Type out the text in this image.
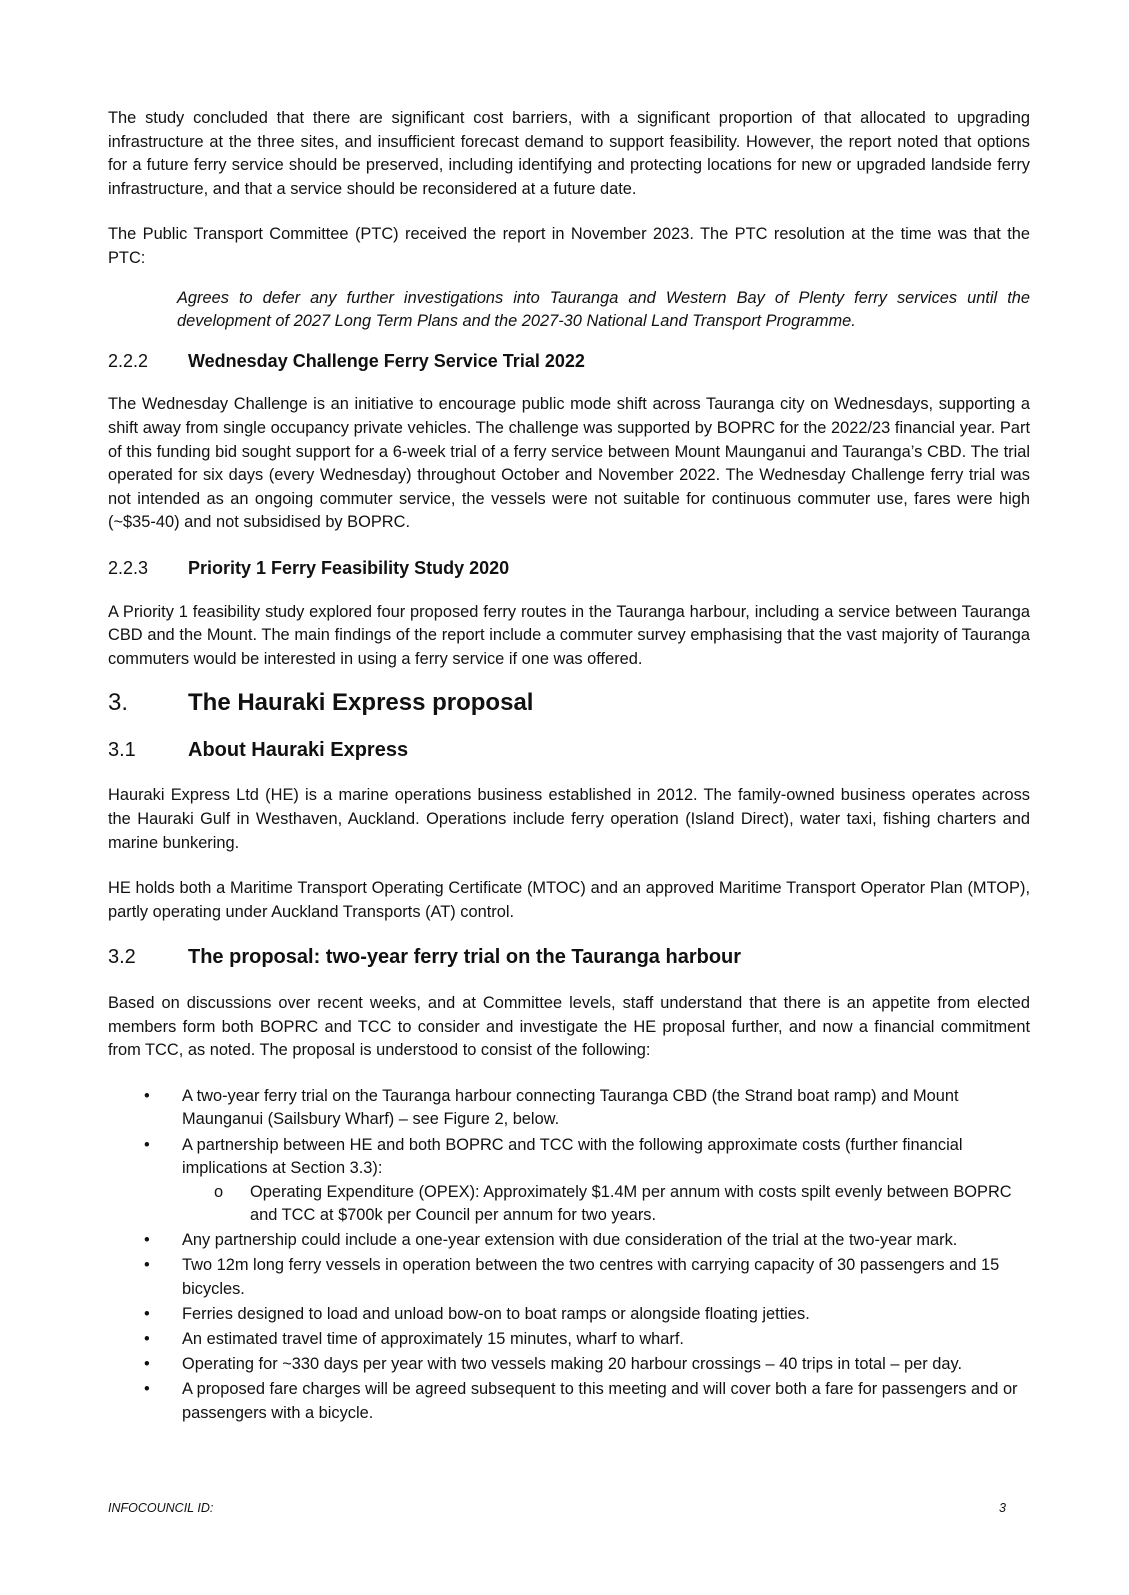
The study concluded that there are significant cost barriers, with a significant proportion of that allocated to upgrading infrastructure at the three sites, and insufficient forecast demand to support feasibility. However, the report noted that options for a future ferry service should be preserved, including identifying and protecting locations for new or upgraded landside ferry infrastructure, and that a service should be reconsidered at a future date.

The Public Transport Committee (PTC) received the report in November 2023. The PTC resolution at the time was that the PTC:

Agrees to defer any further investigations into Tauranga and Western Bay of Plenty ferry services until the development of 2027 Long Term Plans and the 2027-30 National Land Transport Programme.

2.2.2	Wednesday Challenge Ferry Service Trial 2022

The Wednesday Challenge is an initiative to encourage public mode shift across Tauranga city on Wednesdays, supporting a shift away from single occupancy private vehicles. The challenge was supported by BOPRC for the 2022/23 financial year. Part of this funding bid sought support for a 6-week trial of a ferry service between Mount Maunganui and Tauranga’s CBD. The trial operated for six days (every Wednesday) throughout October and November 2022. The Wednesday Challenge ferry trial was not intended as an ongoing commuter service, the vessels were not suitable for continuous commuter use, fares were high (~$35-40) and not subsidised by BOPRC.

2.2.3	Priority 1 Ferry Feasibility Study 2020

A Priority 1 feasibility study explored four proposed ferry routes in the Tauranga harbour, including a service between Tauranga CBD and the Mount. The main findings of the report include a commuter survey emphasising that the vast majority of Tauranga commuters would be interested in using a ferry service if one was offered.

3.	The Hauraki Express proposal
3.1	About Hauraki Express

Hauraki Express Ltd (HE) is a marine operations business established in 2012. The family-owned business operates across the Hauraki Gulf in Westhaven, Auckland. Operations include ferry operation (Island Direct), water taxi, fishing charters and marine bunkering.

HE holds both a Maritime Transport Operating Certificate (MTOC) and an approved Maritime Transport Operator Plan (MTOP), partly operating under Auckland Transports (AT) control.

3.2	The proposal: two-year ferry trial on the Tauranga harbour

Based on discussions over recent weeks, and at Committee levels, staff understand that there is an appetite from elected members form both BOPRC and TCC to consider and investigate the HE proposal further, and now a financial commitment from TCC, as noted. The proposal is understood to consist of the following:

• A two-year ferry trial on the Tauranga harbour connecting Tauranga CBD (the Strand boat ramp) and Mount Maunganui (Sailsbury Wharf) – see Figure 2, below.
• A partnership between HE and both BOPRC and TCC with the following approximate costs (further financial implications at Section 3.3):
o Operating Expenditure (OPEX): Approximately $1.4M per annum with costs spilt evenly between BOPRC and TCC at $700k per Council per annum for two years.
• Any partnership could include a one-year extension with due consideration of the trial at the two-year mark.
• Two 12m long ferry vessels in operation between the two centres with carrying capacity of 30 passengers and 15 bicycles.
• Ferries designed to load and unload bow-on to boat ramps or alongside floating jetties.
• An estimated travel time of approximately 15 minutes, wharf to wharf.
• Operating for ~330 days per year with two vessels making 20 harbour crossings – 40 trips in total – per day.
• A proposed fare charges will be agreed subsequent to this meeting and will cover both a fare for passengers and or passengers with a bicycle.
INFOCOUNCIL ID:	3
